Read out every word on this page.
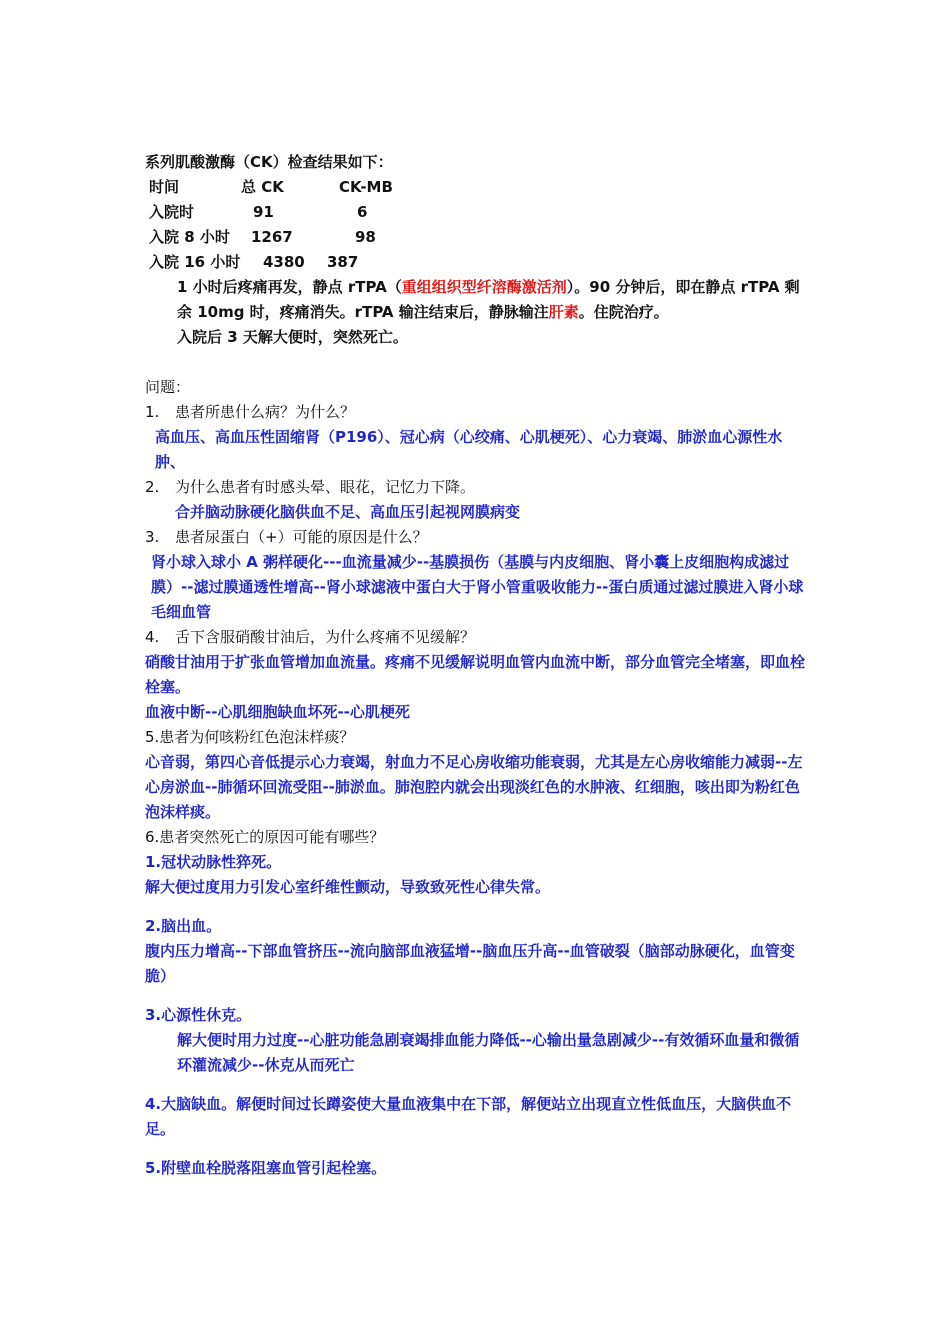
系列肌酸激酶（CK）检查结果如下：

时间	总 CK	CK-MB
入院时	91	6
入院 8 小时	1267	98
入院 16 小时	4380	387

1 小时后疼痛再发，静点 rTPA（重组组织型纤溶酶激活剂）。90 分钟后，即在静点 rTPA 剩余 10mg 时，疼痛消失。rTPA 输注结束后，静脉输注肝素。住院治疗。

入院后 3 天解大便时，突然死亡。

问题：

1. 患者所患什么病？为什么？

高血压、高血压性固缩肾（P196）、冠心病（心绞痛、心肌梗死）、心力衰竭、肺淤血心源性水肿、

2. 为什么患者有时感头晕、眼花，记忆力下降。

合并脑动脉硬化脑供血不足、高血压引起视网膜病变

3. 患者尿蛋白（+）可能的原因是什么？

肾小球入球小 A 粥样硬化---血流量减少--基膜损伤（基膜与内皮细胞、肾小囊上皮细胞构成滤过膜）--滤过膜通透性增高--肾小球滤液中蛋白大于肾小管重吸收能力--蛋白质通过滤过膜进入肾小球毛细血管

4. 舌下含服硝酸甘油后，为什么疼痛不见缓解？

硝酸甘油用于扩张血管增加血流量。疼痛不见缓解说明血管内血流中断，部分血管完全堵塞，即血栓栓塞。

血液中断--心肌细胞缺血坏死--心肌梗死

5.患者为何咳粉红色泡沫样痰？

心音弱，第四心音低提示心力衰竭，射血力不足心房收缩功能衰弱，尤其是左心房收缩能力减弱--左心房淤血--肺循环回流受阻--肺淤血。肺泡腔内就会出现淡红色的水肿液、红细胞，咳出即为粉红色泡沫样痰。

6.患者突然死亡的原因可能有哪些？

1.冠状动脉性猝死。

解大便过度用力引发心室纤维性颤动，导致致死性心律失常。

2.脑出血。

腹内压力增高--下部血管挤压--流向脑部血液猛增--脑血压升高--血管破裂（脑部动脉硬化，血管变脆）

3.心源性休克。

解大便时用力过度--心脏功能急剧衰竭排血能力降低--心输出量急剧减少--有效循环血量和微循环灌流减少--休克从而死亡

4.大脑缺血。解便时间过长蹲姿使大量血液集中在下部，解便站立出现直立性低血压，大脑供血不足。

5.附壁血栓脱落阻塞血管引起栓塞。
